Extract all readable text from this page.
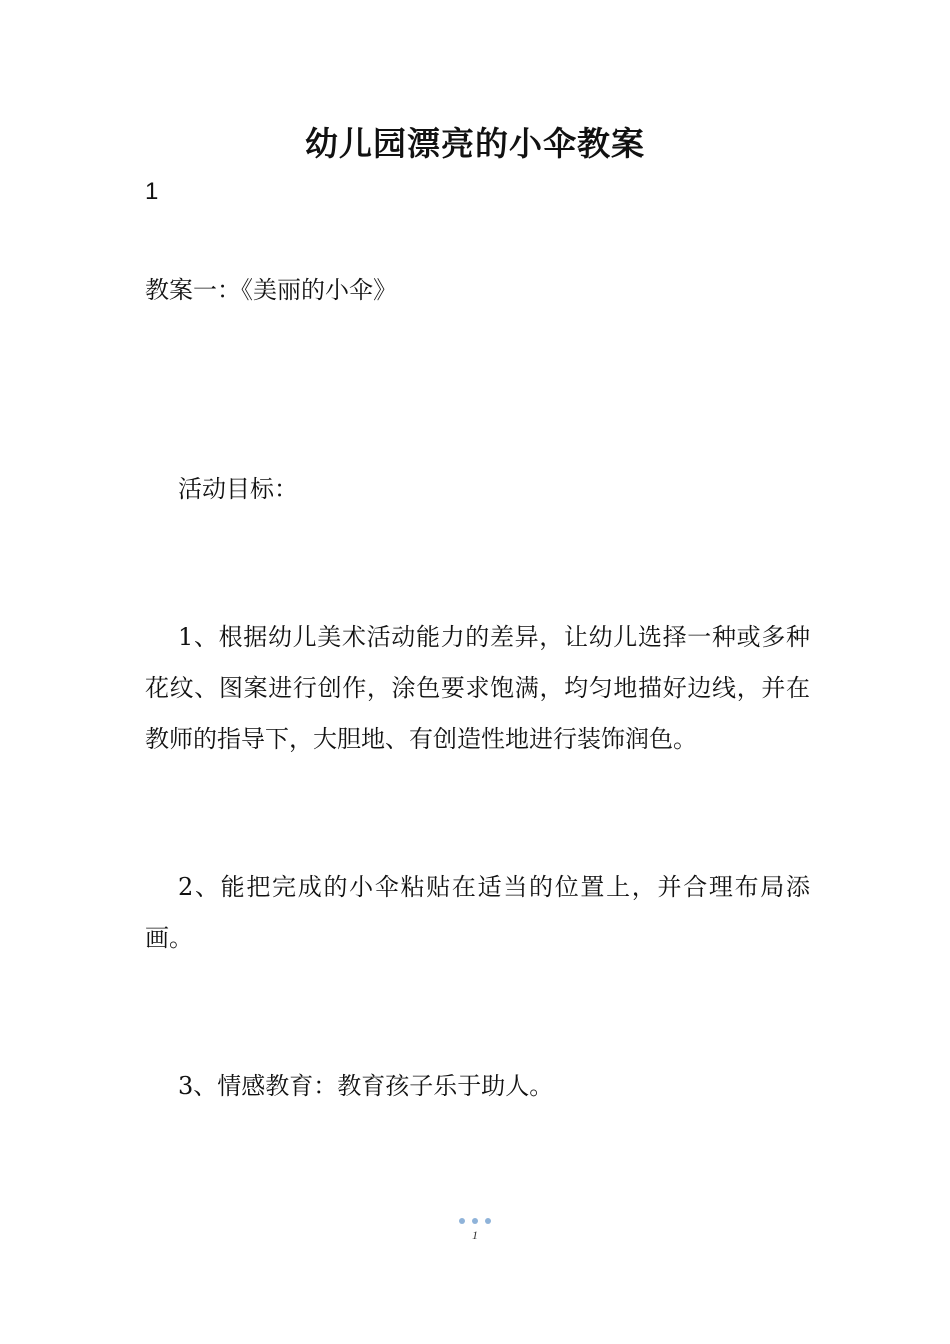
幼儿园漂亮的小伞教案
1
教案一：《美丽的小伞》
活动目标：
1、根据幼儿美术活动能力的差异，让幼儿选择一种或多种花纹、图案进行创作，涂色要求饱满，均匀地描好边线，并在教师的指导下，大胆地、有创造性地进行装饰润色。
2、能把完成的小伞粘贴在适当的位置上，并合理布局添画。
3、情感教育：教育孩子乐于助人。
1
